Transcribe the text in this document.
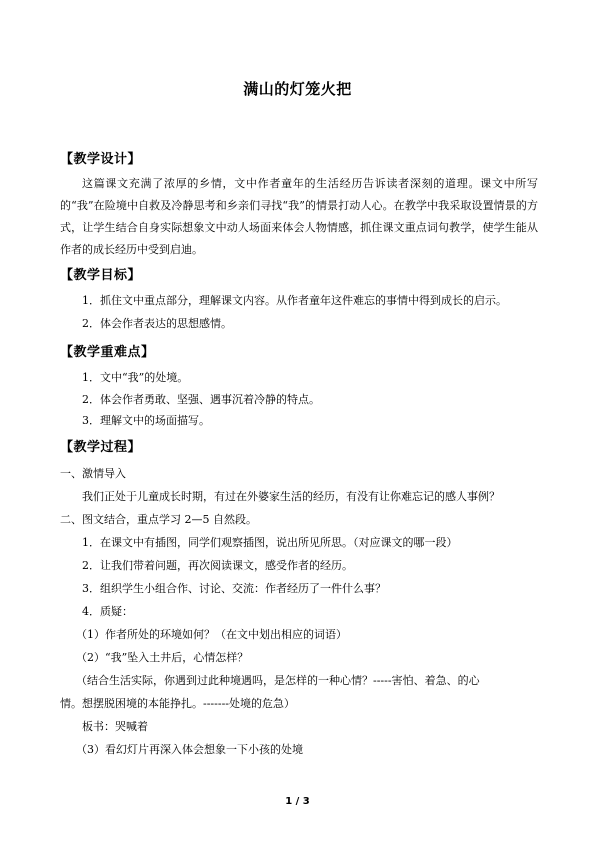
满山的灯笼火把
【教学设计】

这篇课文充满了浓厚的乡情，文中作者童年的生活经历告诉读者深刻的道理。课文中所写的“我”在险境中自救及冷静思考和乡亲们寻找“我”的情景打动人心。在教学中我采取设置情景的方式，让学生结合自身实际想象文中动人场面来体会人物情感，抓住课文重点词句教学，使学生能从作者的成长经历中受到启迪。

【教学目标】
1．抓住文中重点部分，理解课文内容。从作者童年这件难忘的事情中得到成长的启示。
2．体会作者表达的思想感情。
【教学重难点】
1．文中“我”的处境。
2．体会作者勇敢、坚强、遇事沉着冷静的特点。
3．理解文中的场面描写。
【教学过程】
一、激情导入
我们正处于儿童成长时期，有过在外婆家生活的经历，有没有让你难忘记的感人事例？
二、图文结合，重点学习 2—5 自然段。
1．在课文中有插图，同学们观察插图，说出所见所思。（对应课文的哪一段）
2．让我们带着问题，再次阅读课文，感受作者的经历。
3．组织学生小组合作、讨论、交流：作者经历了一件什么事？
4．质疑：
（1）作者所处的环境如何？（在文中划出相应的词语）
（2）“我”坠入土井后，心情怎样？
（结合生活实际，你遇到过此种境遇吗，是怎样的一种心情？-----害怕、着急、的心
情。想摆脱困境的本能挣扎。-------处境的危急）
板书：哭喊着
（3）看幻灯片再深入体会想象一下小孩的处境
1 / 3
